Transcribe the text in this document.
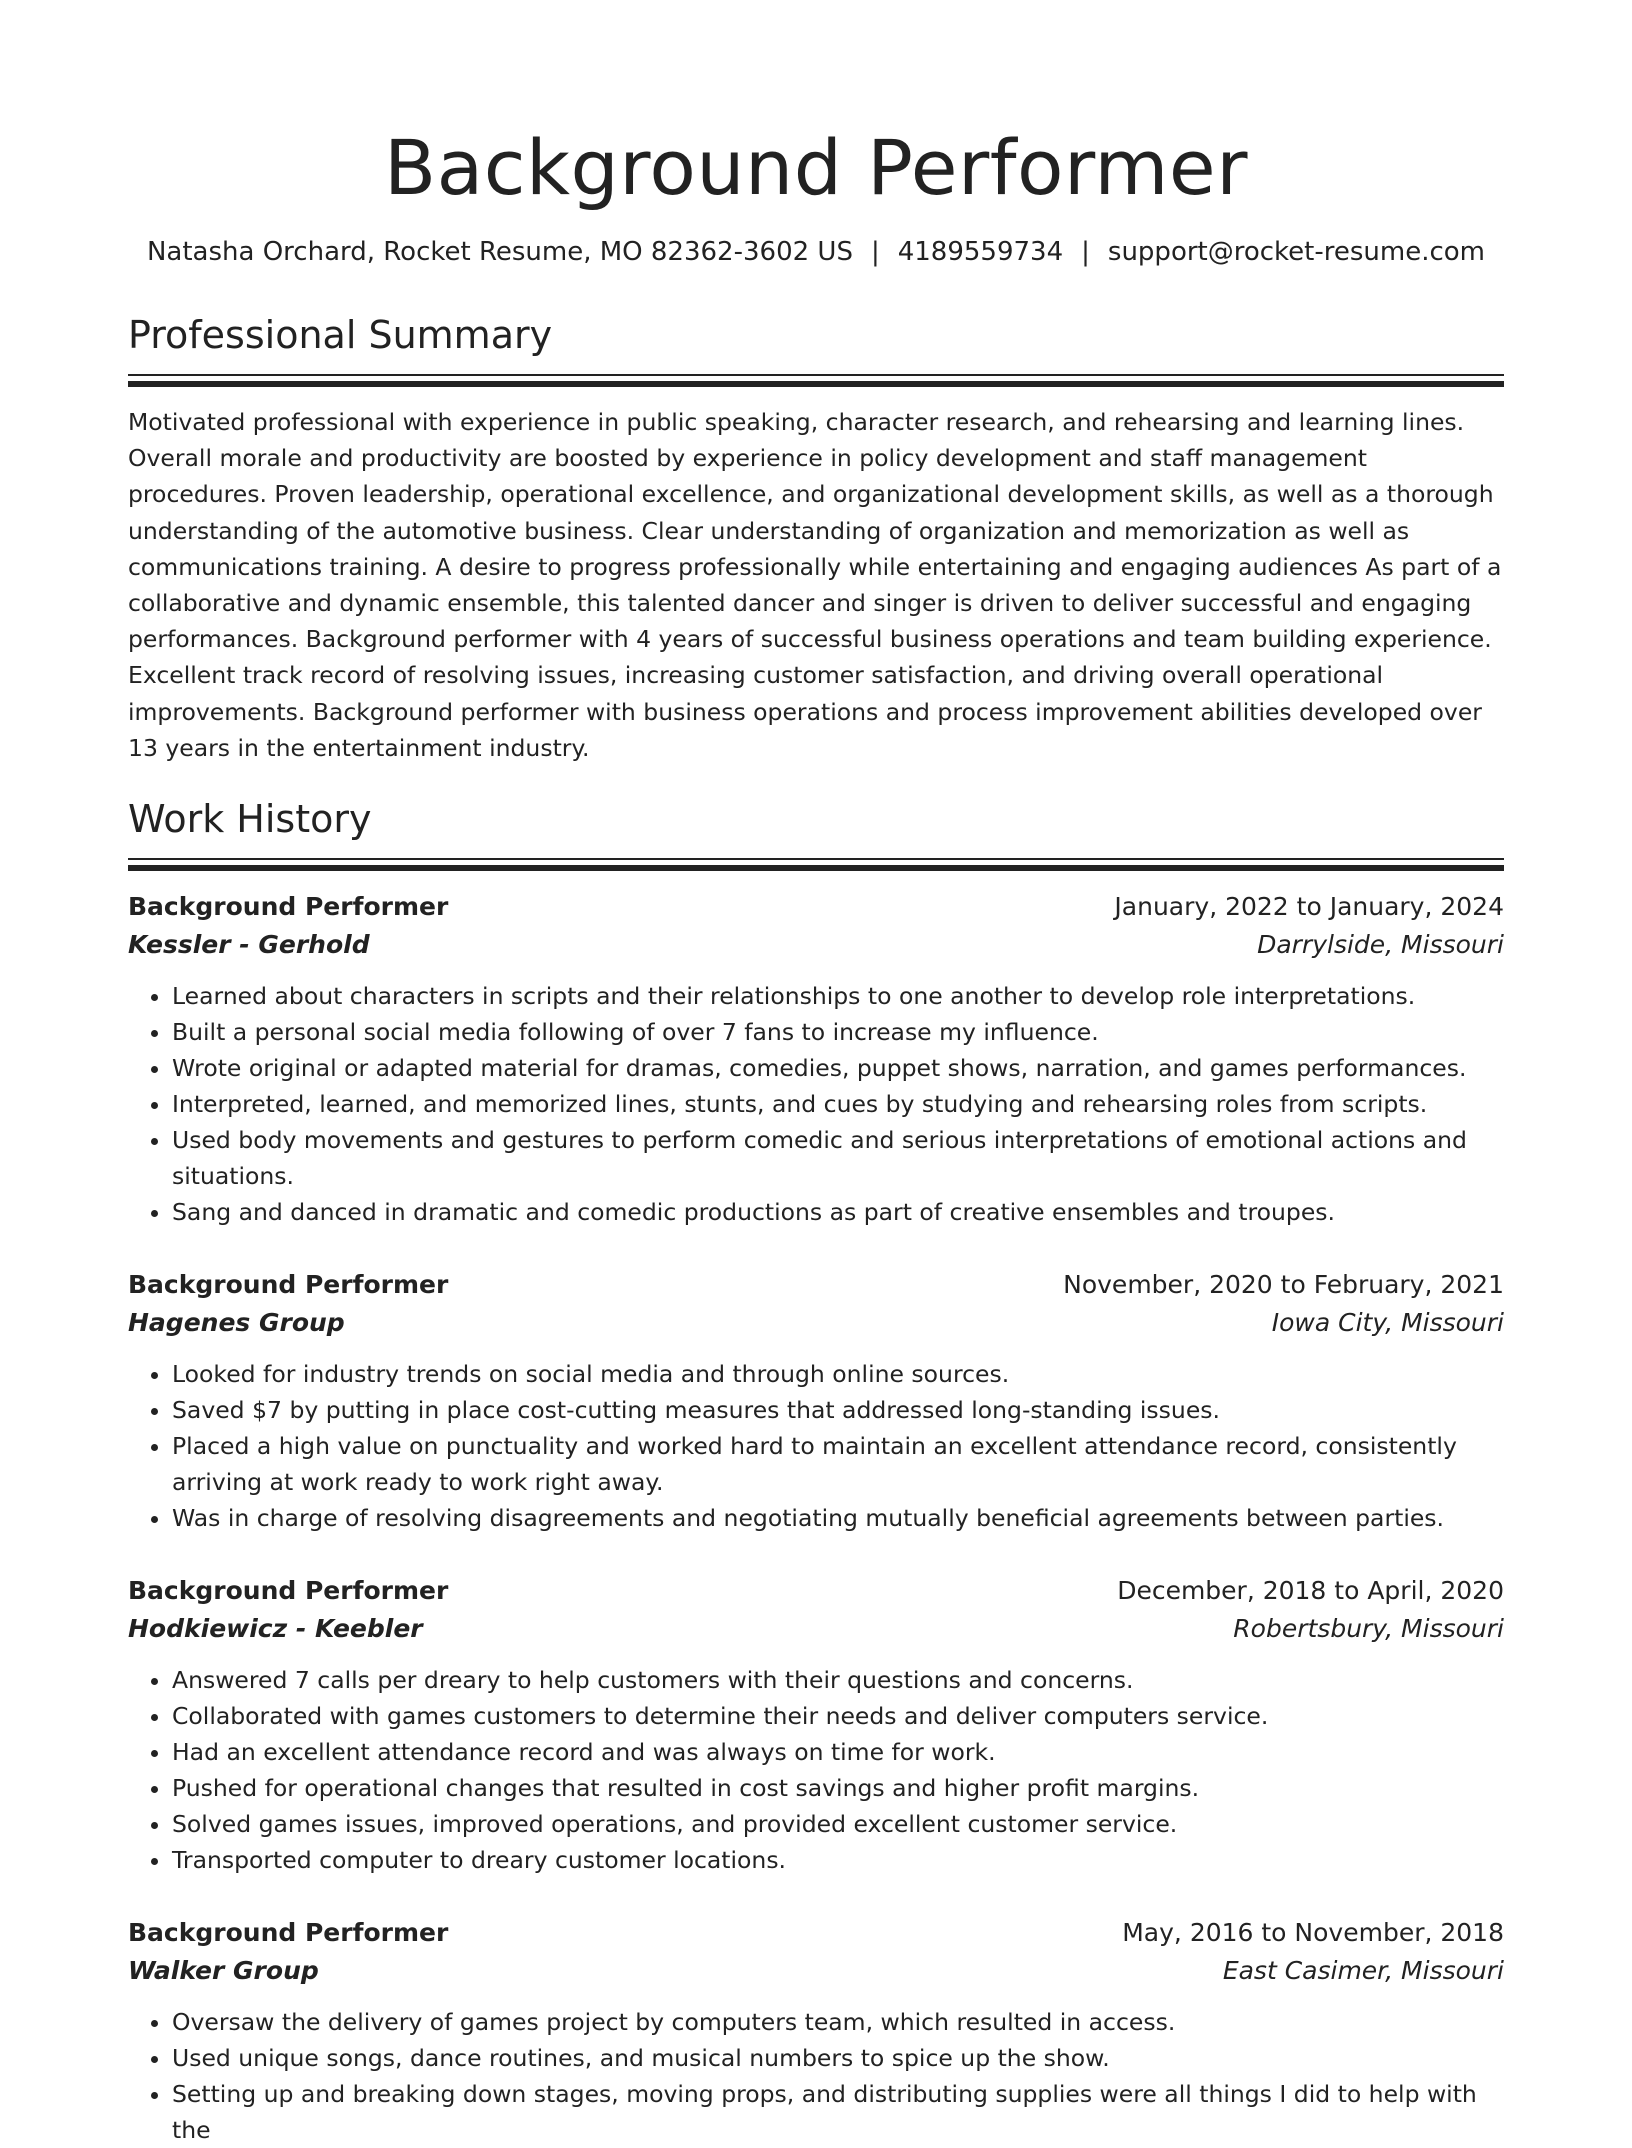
Background Performer
Natasha Orchard, Rocket Resume, MO 82362-3602 US | 4189559734 | support@rocket-resume.com
Professional Summary

Motivated professional with experience in public speaking, character research, and rehearsing and learning lines. Overall morale and productivity are boosted by experience in policy development and staff management procedures. Proven leadership, operational excellence, and organizational development skills, as well as a thorough understanding of the automotive business. Clear understanding of organization and memorization as well as communications training. A desire to progress professionally while entertaining and engaging audiences As part of a collaborative and dynamic ensemble, this talented dancer and singer is driven to deliver successful and engaging performances. Background performer with 4 years of successful business operations and team building experience. Excellent track record of resolving issues, increasing customer satisfaction, and driving overall operational improvements. Background performer with business operations and process improvement abilities developed over 13 years in the entertainment industry.

Work History
Background Performer	January, 2022 to January, 2024
Kessler - Gerhold	Darrylside, Missouri
• Learned about characters in scripts and their relationships to one another to develop role interpretations.
• Built a personal social media following of over 7 fans to increase my influence.
• Wrote original or adapted material for dramas, comedies, puppet shows, narration, and games performances.
• Interpreted, learned, and memorized lines, stunts, and cues by studying and rehearsing roles from scripts.
• Used body movements and gestures to perform comedic and serious interpretations of emotional actions and situations.
• Sang and danced in dramatic and comedic productions as part of creative ensembles and troupes.
Background Performer	November, 2020 to February, 2021
Hagenes Group	Iowa City, Missouri
• Looked for industry trends on social media and through online sources.
• Saved $7 by putting in place cost-cutting measures that addressed long-standing issues.
• Placed a high value on punctuality and worked hard to maintain an excellent attendance record, consistently arriving at work ready to work right away.
• Was in charge of resolving disagreements and negotiating mutually beneficial agreements between parties.
Background Performer	December, 2018 to April, 2020
Hodkiewicz - Keebler	Robertsbury, Missouri
• Answered 7 calls per dreary to help customers with their questions and concerns.
• Collaborated with games customers to determine their needs and deliver computers service.
• Had an excellent attendance record and was always on time for work.
• Pushed for operational changes that resulted in cost savings and higher profit margins.
• Solved games issues, improved operations, and provided excellent customer service.
• Transported computer to dreary customer locations.
Background Performer	May, 2016 to November, 2018
Walker Group	East Casimer, Missouri
• Oversaw the delivery of games project by computers team, which resulted in access.
• Used unique songs, dance routines, and musical numbers to spice up the show.
• Setting up and breaking down stages, moving props, and distributing supplies were all things I did to help with the
